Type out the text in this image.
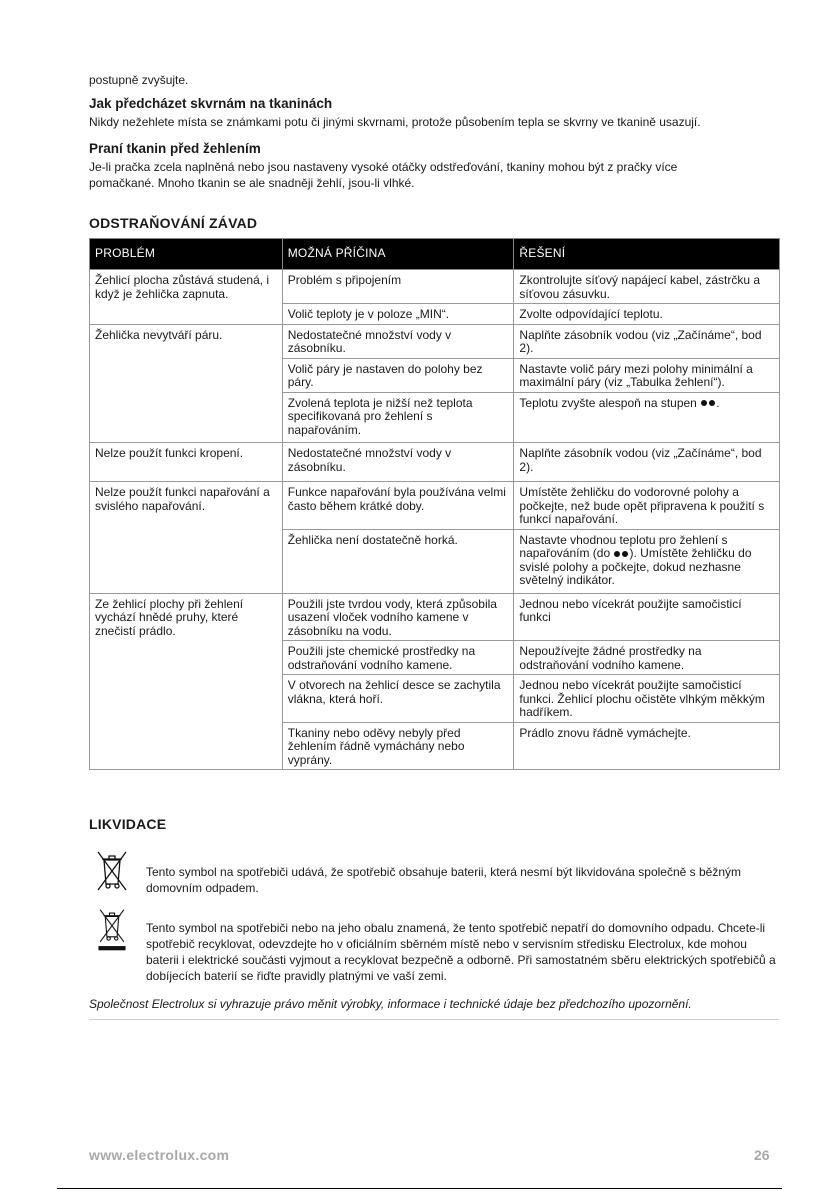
postupně zvyšujte.

Jak předcházet skvrnám na tkaninách

Nikdy nežehlete místa se známkami potu či jinými skvrnami, protože působením tepla se skvrny ve tkanině usazují.

Praní tkanin před žehlením

Je-li pračka zcela naplněná nebo jsou nastaveny vysoké otáčky odstřeďování, tkaniny mohou být z pračky více

pomačkané. Mnoho tkanin se ale snadněji žehlí, jsou-li vlhké.

ODSTRAŇOVÁNÍ ZÁVAD

PROBLÉM	MOŽNÁ PŘÍČINA	ŘEŠENÍ
Žehlicí plocha zůstává studená, i když je žehlička zapnuta.	Problém s připojením	Zkontrolujte síťový napájecí kabel, zástrčku a síťovou zásuvku.
	Volič teploty je v poloze „MIN“.	Zvolte odpovídající teplotu.
Žehlička nevytváří páru.	Nedostatečné množství vody v zásobníku.	Naplňte zásobník vodou (viz „Začínáme“, bod 2).
	Volič páry je nastaven do polohy bez páry.	Nastavte volič páry mezi polohy minimální a maximální páry (viz „Tabulka žehlení“).
	Zvolená teplota je nižší než teplota specifikovaná pro žehlení s napařováním.	Teplotu zvyšte alespoň na stupen .
Nelze použít funkci kropení.	Nedostatečné množství vody v zásobníku.	Naplňte zásobník vodou (viz „Začínáme“, bod 2).
Nelze použít funkci napařování a svislého napařování.	Funkce napařování byla používána velmi často během krátké doby.	Umístěte žehličku do vodorovné polohy a počkejte, než bude opět připravena k použití s funkcí napařování.
	Žehlička není dostatečně horká.	Nastavte vhodnou teplotu pro žehlení s napařováním (do ). Umístěte žehličku do svislé polohy a počkejte, dokud nezhasne světelný indikátor.
Ze žehlicí plochy při žehlení vychází hnědé pruhy, které znečistí prádlo.	Použili jste tvrdou vody, která způsobila usazení vloček vodního kamene v zásobníku na vodu.	Jednou nebo vícekrát použijte samočisticí funkci
	Použili jste chemické prostředky na odstraňování vodního kamene.	Nepoužívejte žádné prostředky na odstraňování vodního kamene.
	V otvorech na žehlicí desce se zachytila vlákna, která hoří.	Jednou nebo vícekrát použijte samočisticí funkci. Žehlicí plochu očistěte vlhkým měkkým hadříkem.
	Tkaniny nebo oděvy nebyly před žehlením řádně vymáchány nebo vyprány.	Prádlo znovu řádně vymáchejte.

LIKVIDACE

Tento symbol na spotřebiči udává, že spotřebič obsahuje baterii, která nesmí být likvidována společně s běžným domovním odpadem.

Tento symbol na spotřebiči nebo na jeho obalu znamená, že tento spotřebič nepatří do domovního odpadu. Chcete-li spotřebič recyklovat, odevzdejte ho v oficiálním sběrném místě nebo v servisním středisku Electrolux, kde mohou baterii i elektrické součásti vyjmout a recyklovat bezpečně a odborně. Při samostatném sběru elektrických spotřebičů a dobíjecích baterií se řiďte pravidly platnými ve vaší zemi.

Společnost Electrolux si vyhrazuje právo měnit výrobky, informace i technické údaje bez předchozího upozornění.

www.electrolux.com	26
